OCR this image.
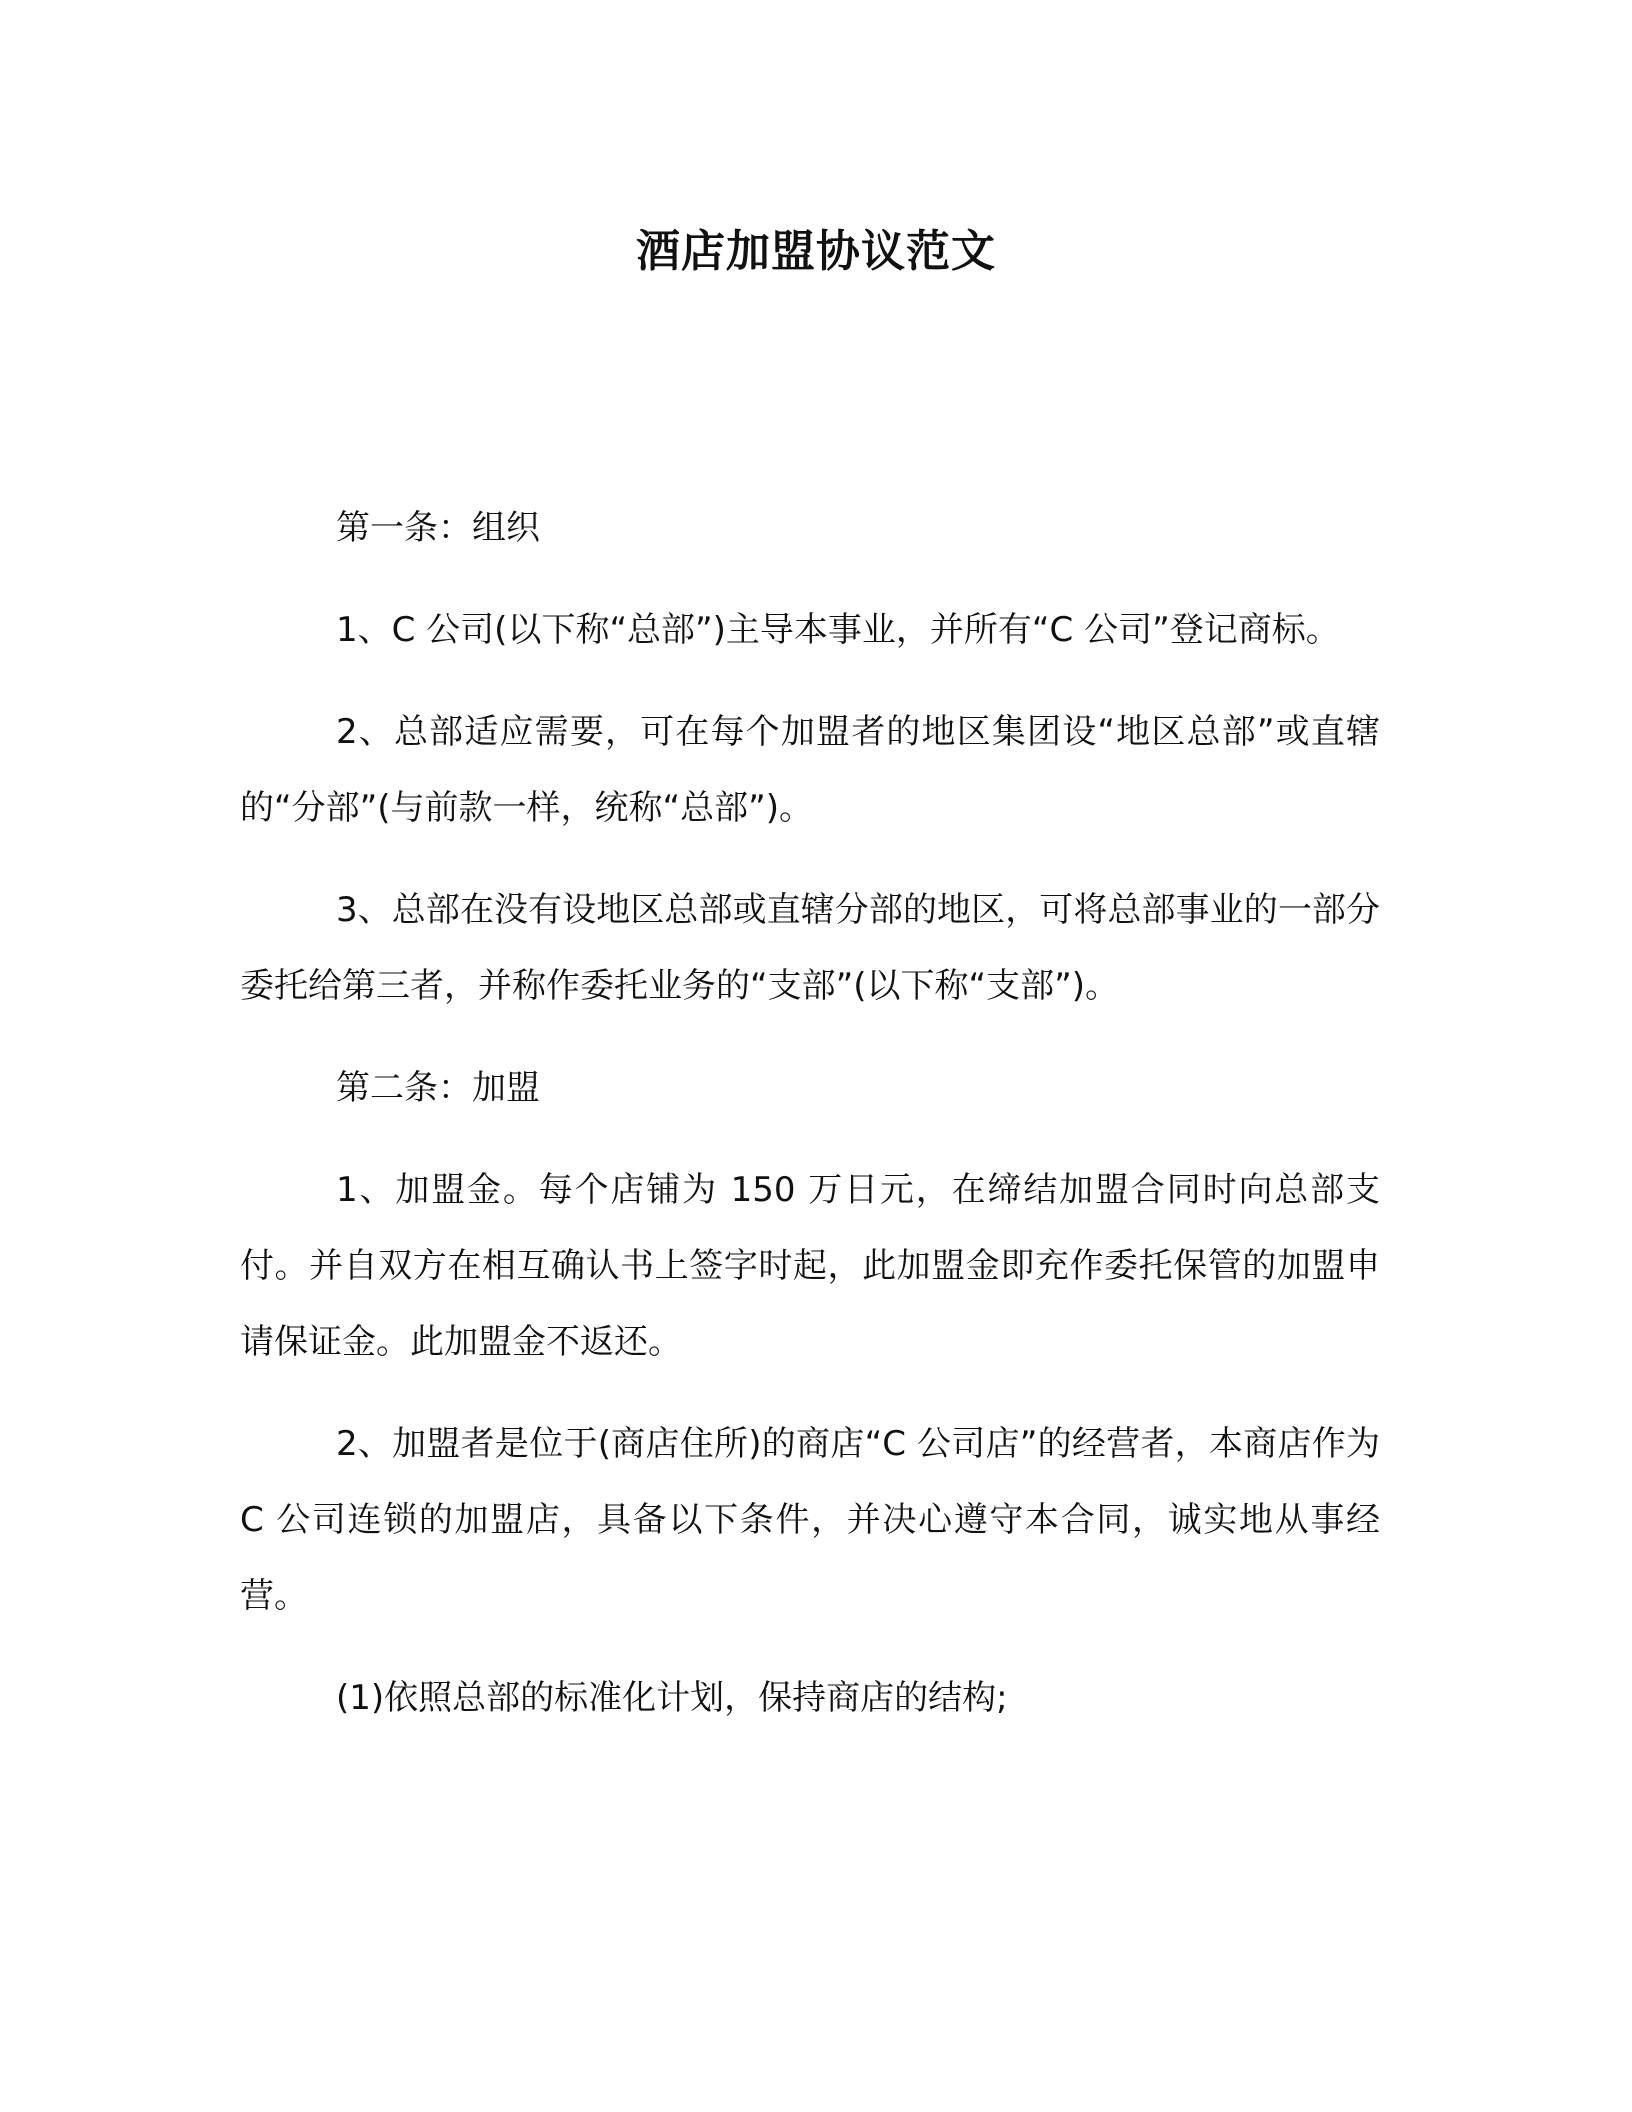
酒店加盟协议范文

第一条：组织

1、C 公司(以下称“总部”)主导本事业，并所有“C 公司”登记商标。

2、总部适应需要，可在每个加盟者的地区集团设“地区总部”或直辖的“分部”(与前款一样，统称“总部”)。

3、总部在没有设地区总部或直辖分部的地区，可将总部事业的一部分委托给第三者，并称作委托业务的“支部”(以下称“支部”)。

第二条：加盟

1、加盟金。每个店铺为 150 万日元，在缔结加盟合同时向总部支付。并自双方在相互确认书上签字时起，此加盟金即充作委托保管的加盟申请保证金。此加盟金不返还。

2、加盟者是位于(商店住所)的商店“C 公司店”的经营者，本商店作为 C 公司连锁的加盟店，具备以下条件，并决心遵守本合同，诚实地从事经营。

(1)依照总部的标准化计划，保持商店的结构;
